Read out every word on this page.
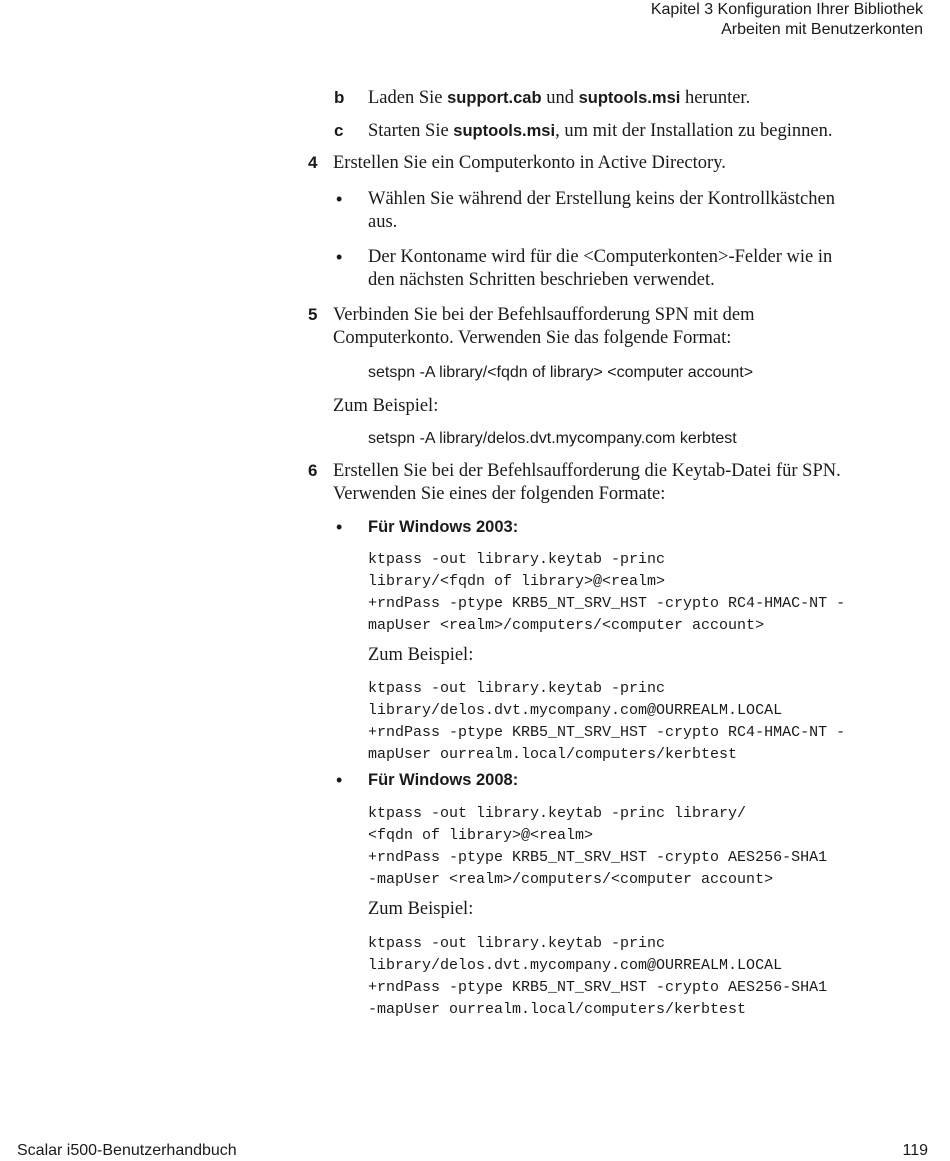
Kapitel 3 Konfiguration Ihrer Bibliothek
Arbeiten mit Benutzerkonten
b Laden Sie support.cab und suptools.msi herunter.
c Starten Sie suptools.msi, um mit der Installation zu beginnen.
4 Erstellen Sie ein Computerkonto in Active Directory.
• Wählen Sie während der Erstellung keins der Kontrollkästchen
aus.
• Der Kontoname wird für die <Computerkonten>-Felder wie in
den nächsten Schritten beschrieben verwendet.
5 Verbinden Sie bei der Befehlsaufforderung SPN mit dem
Computerkonto. Verwenden Sie das folgende Format:
setspn -A library/<fqdn of library> <computer account>
Zum Beispiel:
setspn -A library/delos.dvt.mycompany.com kerbtest
6 Erstellen Sie bei der Befehlsaufforderung die Keytab-Datei für SPN.
Verwenden Sie eines der folgenden Formate:
• Für Windows 2003:
ktpass -out library.keytab -princ
library/<fqdn of library>@<realm>
+rndPass -ptype KRB5_NT_SRV_HST -crypto RC4-HMAC-NT -
mapUser <realm>/computers/<computer account>
Zum Beispiel:
ktpass -out library.keytab -princ
library/delos.dvt.mycompany.com@OURREALM.LOCAL
+rndPass -ptype KRB5_NT_SRV_HST -crypto RC4-HMAC-NT -
mapUser ourrealm.local/computers/kerbtest
• Für Windows 2008:
ktpass -out library.keytab -princ library/
<fqdn of library>@<realm>
+rndPass -ptype KRB5_NT_SRV_HST -crypto AES256-SHA1
-mapUser <realm>/computers/<computer account>
Zum Beispiel:
ktpass -out library.keytab -princ
library/delos.dvt.mycompany.com@OURREALM.LOCAL
+rndPass -ptype KRB5_NT_SRV_HST -crypto AES256-SHA1
-mapUser ourrealm.local/computers/kerbtest
Scalar i500-Benutzerhandbuch	119
